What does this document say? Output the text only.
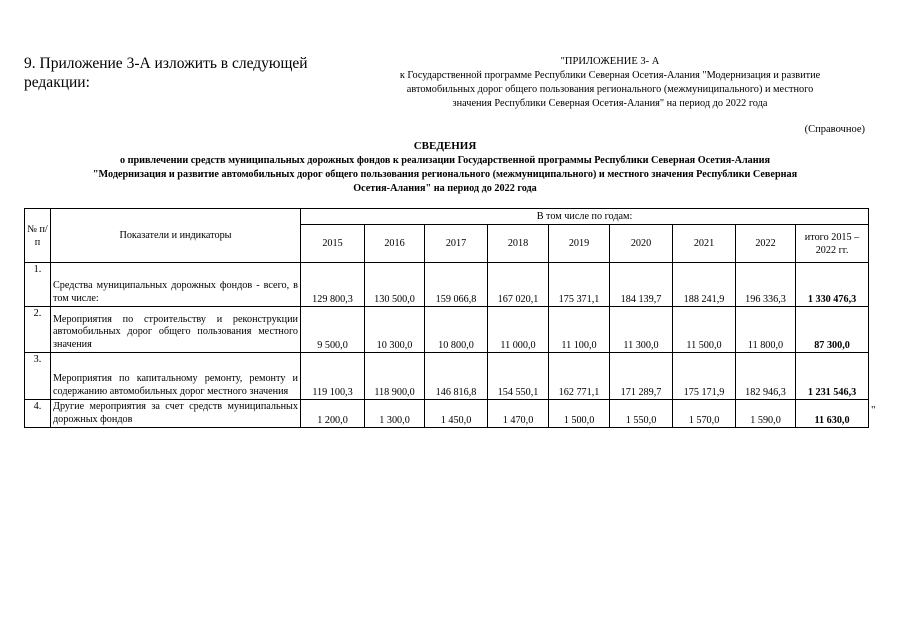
9. Приложение 3-А изложить в следующей редакции:
"ПРИЛОЖЕНИЕ 3- А
к Государственной программе Республики Северная Осетия-Алания "Модернизация и развитие
автомобильных дорог общего пользования регионального (межмуниципального) и местного
значения Республики Северная Осетия-Алания" на период до 2022 года
(Справочное)
СВЕДЕНИЯ
о привлечении средств муниципальных дорожных фондов к реализации Государственной программы Республики Северная Осетия-Алания
"Модернизация и развитие автомобильных дорог общего пользования регионального (межмуниципального) и местного значения Республики Северная
Осетия-Алания" на период до 2022 года
№ п/п	Показатели и индикаторы	В том числе по годам:								
		2015	2016	2017	2018	2019	2020	2021	2022	итого 2015 – 2022 гг.
1.	Средства муниципальных дорожных фондов - всего, в том числе:	129 800,3	130 500,0	159 066,8	167 020,1	175 371,1	184 139,7	188 241,9	196 336,3	1 330 476,3
2.	Мероприятия по строительству и реконструкции автомобильных дорог общего пользования местного значения	9 500,0	10 300,0	10 800,0	11 000,0	11 100,0	11 300,0	11 500,0	11 800,0	87 300,0
3.	Мероприятия по капитальному ремонту, ремонту и содержанию автомобильных дорог местного значения	119 100,3	118 900,0	146 816,8	154 550,1	162 771,1	171 289,7	175 171,9	182 946,3	1 231 546,3
4.	Другие мероприятия за счет средств муниципальных дорожных фондов	1 200,0	1 300,0	1 450,0	1 470,0	1 500,0	1 550,0	1 570,0	1 590,0	11 630,0
"
